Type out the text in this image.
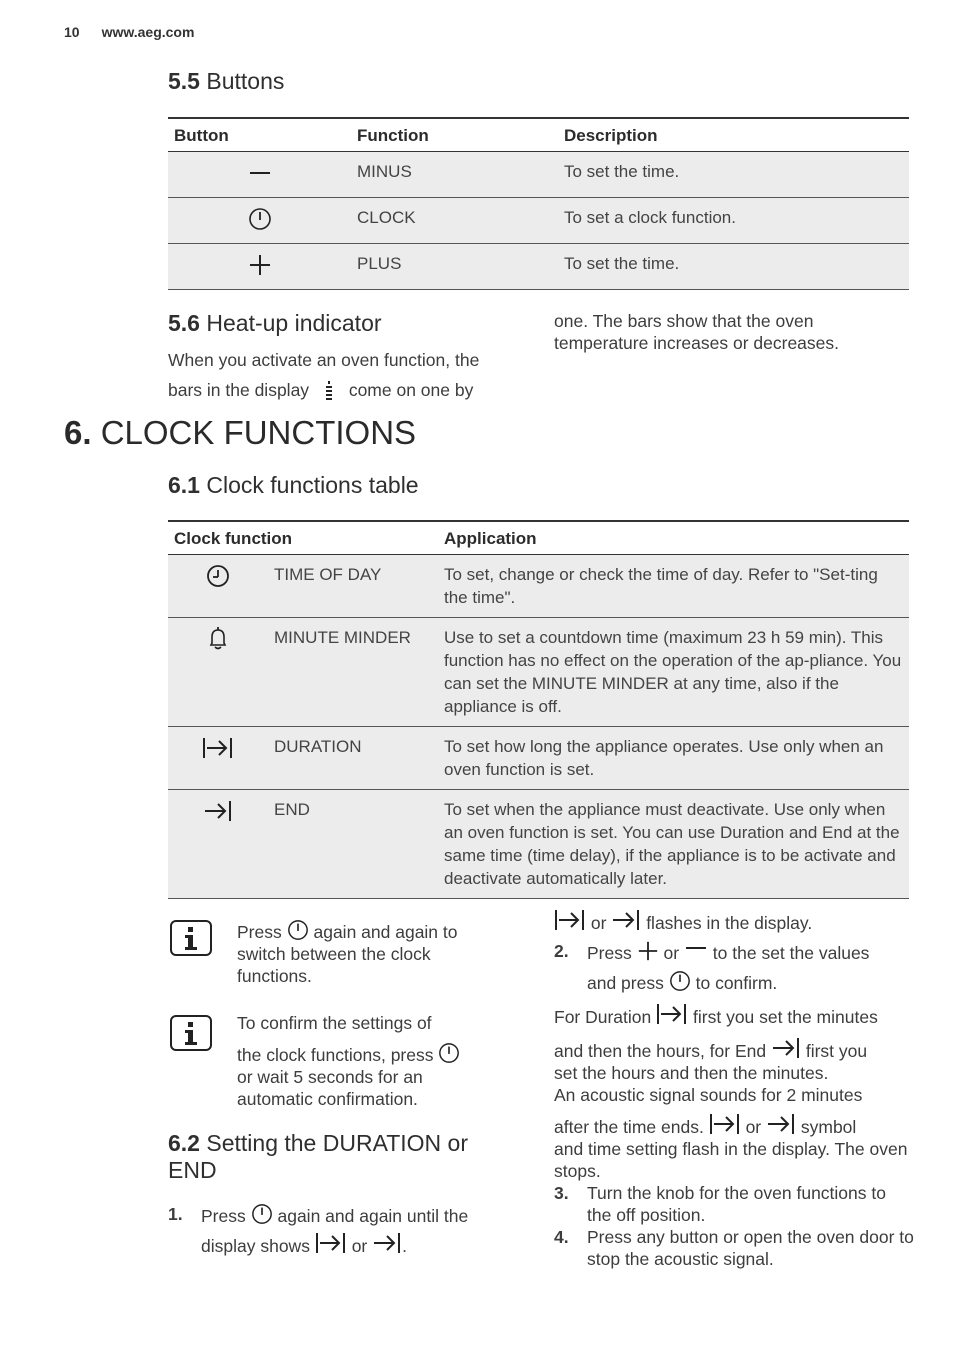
10 www.aeg.com
5.5 Buttons
Button	Function	Description
	MINUS	To set the time.
	CLOCK	To set a clock function.
	PLUS	To set the time.
5.6 Heat-up indicator

When you activate an oven function, the

bars in the display come on one by

one. The bars show that the oven temperature increases or decreases.

6. CLOCK FUNCTIONS
6.1 Clock functions table
Clock function		Application
	TIME OF DAY	To set, change or check the time of day. Refer to "Set-ting the time".
	MINUTE MINDER	Use to set a countdown time (maximum 23 h 59 min). This function has no effect on the operation of the ap-pliance. You can set the MINUTE MINDER at any time, also if the appliance is off.
	DURATION	To set how long the appliance operates. Use only when an oven function is set.
	END	To set when the appliance must deactivate. Use only when an oven function is set. You can use Duration and End at the same time (time delay), if the appliance is to be activate and deactivate automatically later.

Press again and again to switch between the clock functions.

To confirm the settings of

the clock functions, press

or wait 5 seconds for an automatic confirmation.

6.2 Setting the DURATION or END
1. Press again and again until the
display shows or .

or flashes in the display.

2. Press or to the set the values
and press to confirm.

For Duration first you set the minutes

and then the hours, for End first you

set the hours and then the minutes.

An acoustic signal sounds for 2 minutes

after the time ends. or symbol

and time setting flash in the display. The oven stops.

3. Turn the knob for the oven functions to the off position.
4. Press any button or open the oven door to stop the acoustic signal.
